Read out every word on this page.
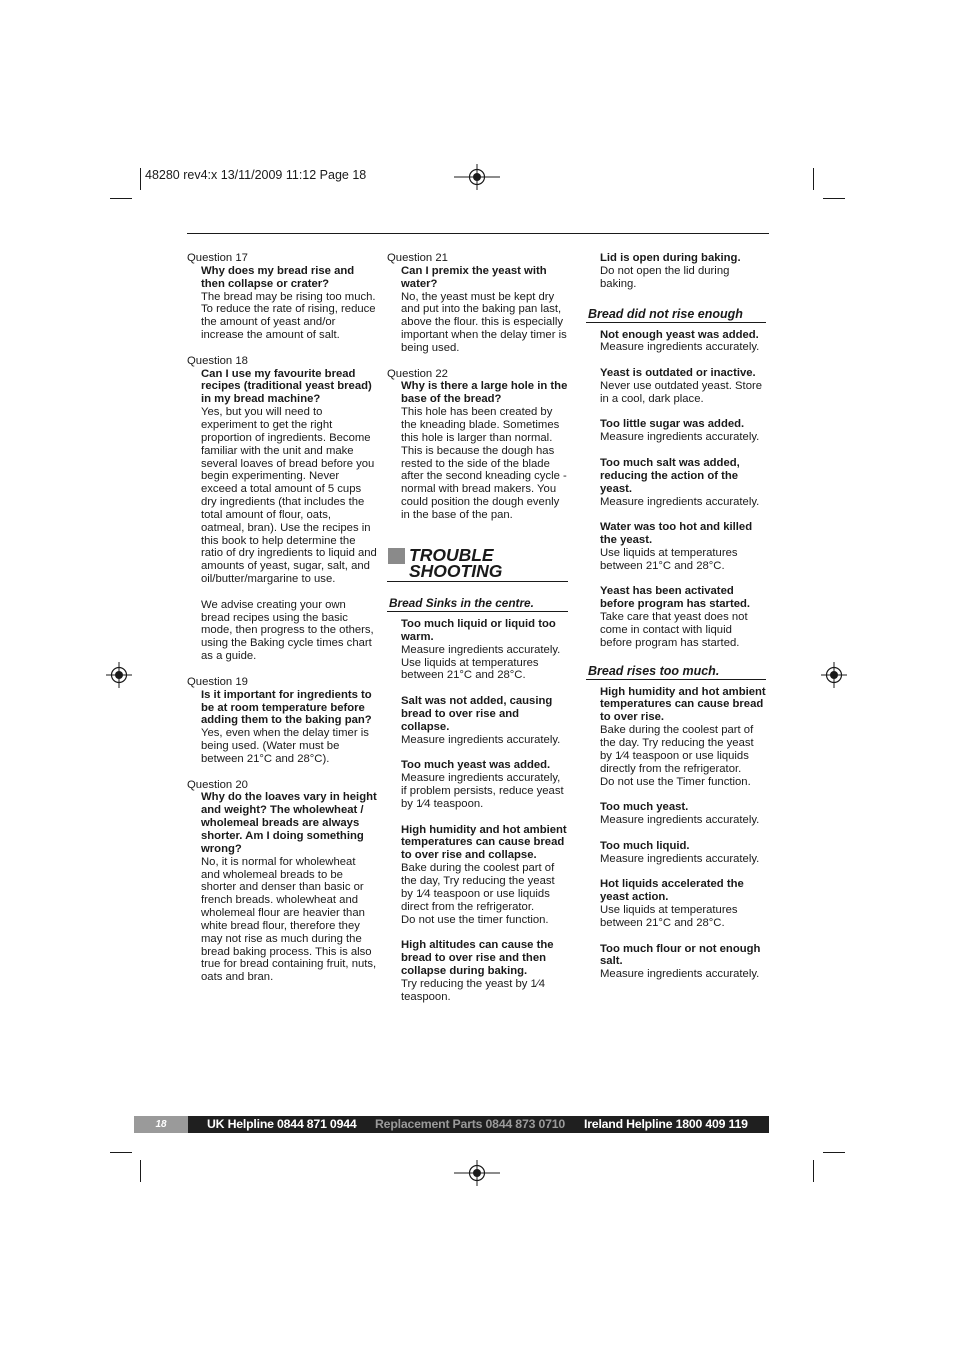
48280 rev4:x 13/11/2009 11:12 Page 18
Question 17

Why does my bread rise and then collapse or crater?

The bread may be rising too much. To reduce the rate of rising, reduce the amount of yeast and/or increase the amount of salt.

Question 18

Can I use my favourite bread recipes (traditional yeast bread) in my bread machine?

Yes, but you will need to experiment to get the right proportion of ingredients. Become familiar with the unit and make several loaves of bread before you begin experimenting. Never exceed a total amount of 5 cups dry ingredients (that includes the total amount of flour, oats, oatmeal, bran). Use the recipes in this book to help determine the ratio of dry ingredients to liquid and amounts of yeast, sugar, salt, and oil/butter/margarine to use.

We advise creating your own bread recipes using the basic mode, then progress to the others, using the Baking cycle times chart as a guide.

Question 19

Is it important for ingredients to be at room temperature before adding them to the baking pan?

Yes, even when the delay timer is being used. (Water must be between 21°C and 28°C).

Question 20

Why do the loaves vary in height and weight? The wholewheat / wholemeal breads are always shorter. Am I doing something wrong?

No, it is normal for wholewheat and wholemeal breads to be shorter and denser than basic or french breads. wholewheat and wholemeal flour are heavier than white bread flour, therefore they may not rise as much during the bread baking process. This is also true for bread containing fruit, nuts, oats and bran.

Question 21

Can I premix the yeast with water?

No, the yeast must be kept dry and put into the baking pan last, above the flour. this is especially important when the delay timer is being used.

Question 22

Why is there a large hole in the base of the bread?

This hole has been created by the kneading blade. Sometimes this hole is larger than normal. This is because the dough has rested to the side of the blade after the second kneading cycle - normal with bread makers. You could position the dough evenly in the base of the pan.

TROUBLE
SHOOTING
Bread Sinks in the centre.

Too much liquid or liquid too warm.

Measure ingredients accurately. Use liquids at temperatures between 21°C and 28°C.

Salt was not added, causing bread to over rise and collapse.

Measure ingredients accurately.

Too much yeast was added.

Measure ingredients accurately, if problem persists, reduce yeast by 1⁄4 teaspoon.

High humidity and hot ambient temperatures can cause bread to over rise and collapse.

Bake during the coolest part of the day, Try reducing the yeast by 1⁄4 teaspoon or use liquids direct from the refrigerator.

Do not use the timer function.

High altitudes can cause the bread to over rise and then collapse during baking.

Try reducing the yeast by 1⁄4 teaspoon.

Lid is open during baking.

Do not open the lid during baking.

Bread did not rise enough

Not enough yeast was added. Measure ingredients accurately.

Yeast is outdated or inactive.

Never use outdated yeast. Store in a cool, dark place.

Too little sugar was added.

Measure ingredients accurately.

Too much salt was added, reducing the action of the yeast.

Measure ingredients accurately.

Water was too hot and killed the yeast.

Use liquids at temperatures between 21°C and 28°C.

Yeast has been activated before program has started.

Take care that yeast does not come in contact with liquid before program has started.

Bread rises too much.

High humidity and hot ambient temperatures can cause bread to over rise.

Bake during the coolest part of the day. Try reducing the yeast by 1⁄4 teaspoon or use liquids directly from the refrigerator.

Do not use the Timer function.

Too much yeast.

Measure ingredients accurately.

Too much liquid.

Measure ingredients accurately.

Hot liquids accelerated the yeast action.

Use liquids at temperatures between 21°C and 28°C.

Too much flour or not enough salt.

Measure ingredients accurately.

18	UK Helpline 0844 871 0944 Replacement Parts 0844 873 0710 Ireland Helpline 1800 409 119
